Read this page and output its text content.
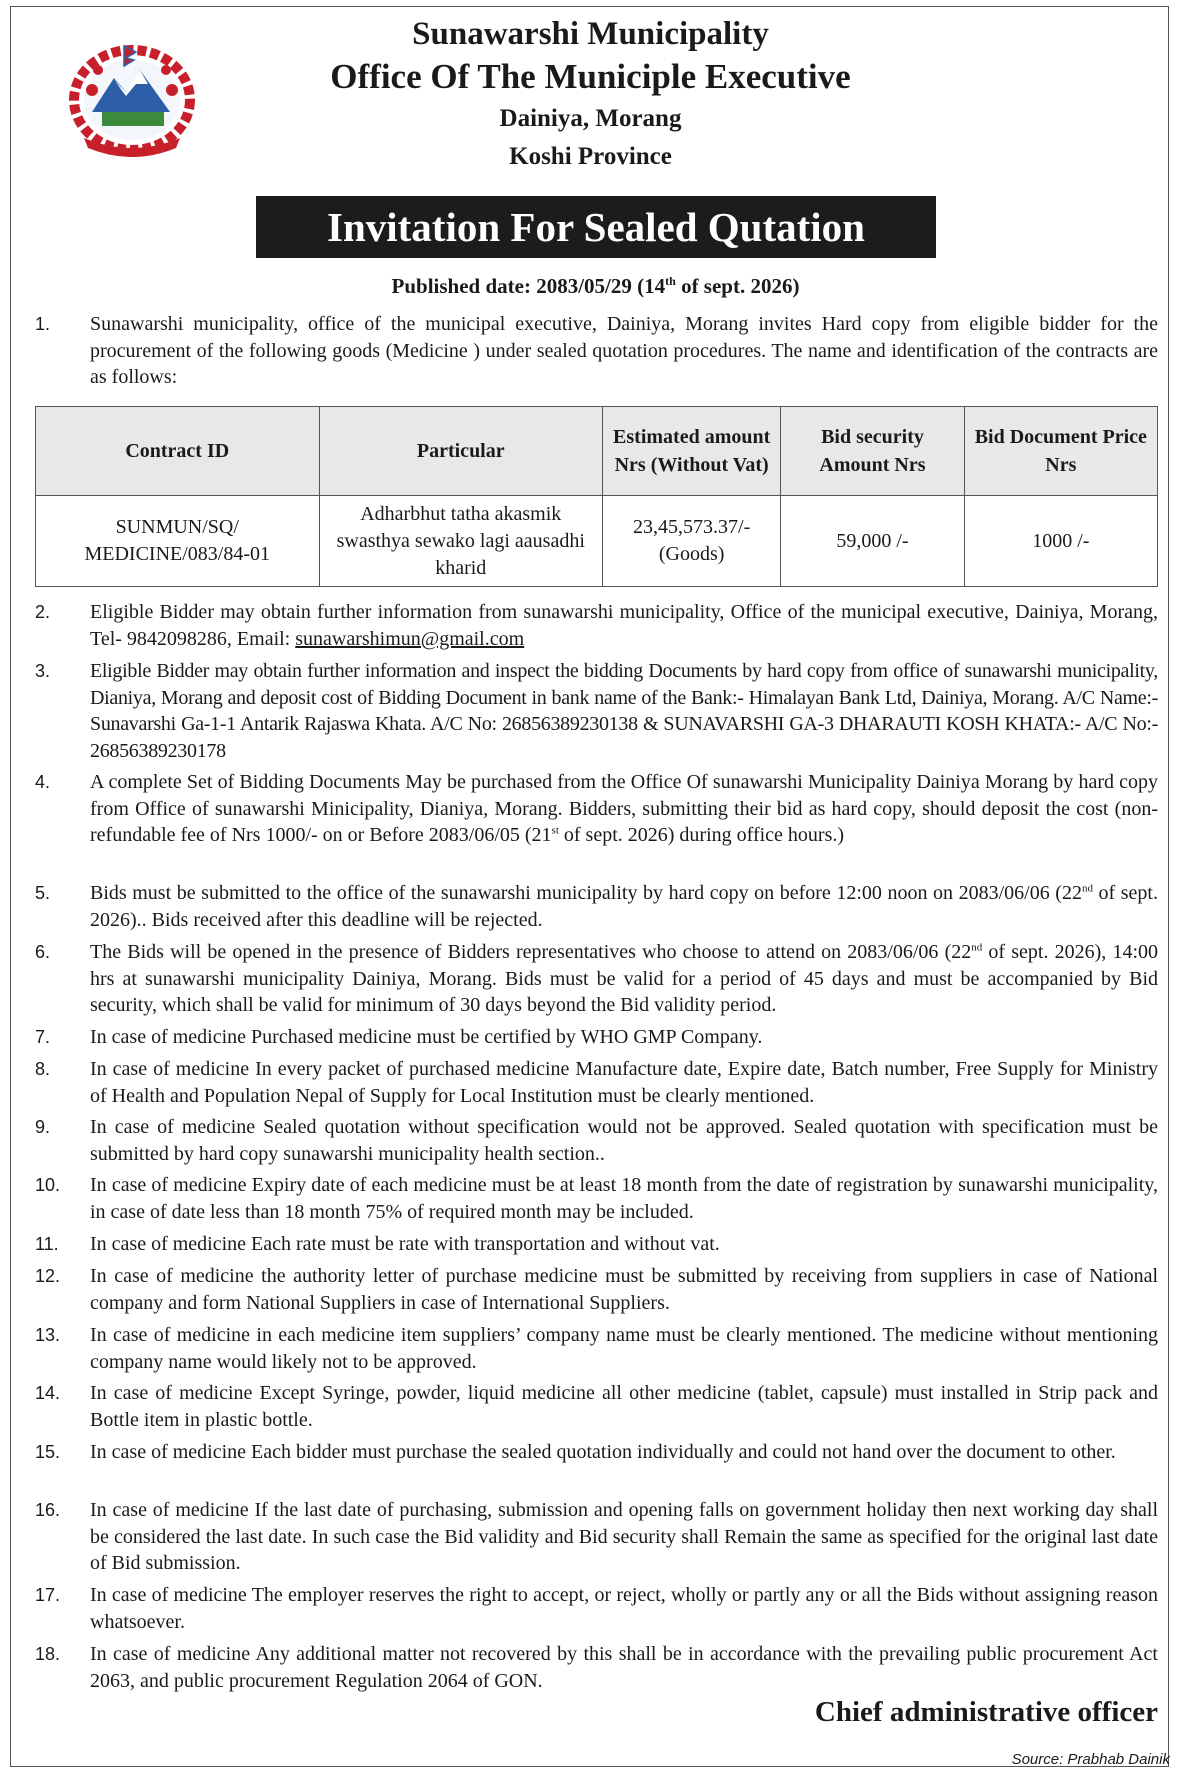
Sunawarshi Municipality
Office Of The Municiple Executive
Dainiya, Morang
Koshi Province
Invitation For Sealed Qutation
Published date: 2083/05/29 (14th of sept. 2026)
1.	Sunawarshi municipality, office of the municipal executive, Dainiya, Morang invites Hard copy from eligible bidder for the procurement of the following goods (Medicine ) under sealed quotation procedures. The name and identification of the contracts are as follows:
Contract ID	Particular	Estimated amount Nrs (Without Vat)	Bid security Amount Nrs	Bid Document Price Nrs
SUNMUN/SQ/ MEDICINE/083/84-01	Adharbhut tatha akasmik swasthya sewako lagi aausadhi kharid	23,45,573.37/- (Goods)	59,000 /-	1000 /-
2.	Eligible Bidder may obtain further information from sunawarshi municipality, Office of the municipal executive, Dainiya, Morang, Tel- 9842098286, Email: sunawarshimun@gmail.com
3.	Eligible Bidder may obtain further information and inspect the bidding Documents by hard copy from office of sunawarshi municipality, Dianiya, Morang and deposit cost of Bidding Document in bank name of the Bank:- Himalayan Bank Ltd, Dainiya, Morang. A/C Name:- Sunavarshi Ga-1-1 Antarik Rajaswa Khata. A/C No: 26856389230138 & SUNAVARSHI GA-3 DHARAUTI KOSH KHATA:- A/C No:- 26856389230178
4.	A complete Set of Bidding Documents May be purchased from the Office Of sunawarshi Municipality Dainiya Morang by hard copy from Office of sunawarshi Minicipality, Dianiya, Morang. Bidders, submitting their bid as hard copy, should deposit the cost (non-refundable fee of Nrs 1000/- on or Before 2083/06/05 (21st of sept. 2026) during office hours.)
5.	Bids must be submitted to the office of the sunawarshi municipality by hard copy on before 12:00 noon on 2083/06/06 (22nd of sept. 2026).. Bids received after this deadline will be rejected.
6.	The Bids will be opened in the presence of Bidders representatives who choose to attend on 2083/06/06 (22nd of sept. 2026), 14:00 hrs at sunawarshi municipality Dainiya, Morang. Bids must be valid for a period of 45 days and must be accompanied by Bid security, which shall be valid for minimum of 30 days beyond the Bid validity period.
7.	In case of medicine Purchased medicine must be certified by WHO GMP Company.
8.	In case of medicine In every packet of purchased medicine Manufacture date, Expire date, Batch number, Free Supply for Ministry of Health and Population Nepal of Supply for Local Institution must be clearly mentioned.
9.	In case of medicine Sealed quotation without specification would not be approved. Sealed quotation with specification must be submitted by hard copy sunawarshi municipality health section..
10.	In case of medicine Expiry date of each medicine must be at least 18 month from the date of registration by sunawarshi municipality, in case of date less than 18 month 75% of required month may be included.
11.	In case of medicine Each rate must be rate with transportation and without vat.
12.	In case of medicine the authority letter of purchase medicine must be submitted by receiving from suppliers in case of National company and form National Suppliers in case of International Suppliers.
13.	In case of medicine in each medicine item suppliers’ company name must be clearly mentioned. The medicine without mentioning company name would likely not to be approved.
14.	In case of medicine Except Syringe, powder, liquid medicine all other medicine (tablet, capsule) must installed in Strip pack and Bottle item in plastic bottle.
15.	In case of medicine Each bidder must purchase the sealed quotation individually and could not hand over the document to other.
16.	In case of medicine If the last date of purchasing, submission and opening falls on government holiday then next working day shall be considered the last date. In such case the Bid validity and Bid security shall Remain the same as specified for the original last date of Bid submission.
17.	In case of medicine The employer reserves the right to accept, or reject, wholly or partly any or all the Bids without assigning reason whatsoever.
18.	In case of medicine Any additional matter not recovered by this shall be in accordance with the prevailing public procurement Act 2063, and public procurement Regulation 2064 of GON.
Chief administrative officer
Source: Prabhab Dainik
